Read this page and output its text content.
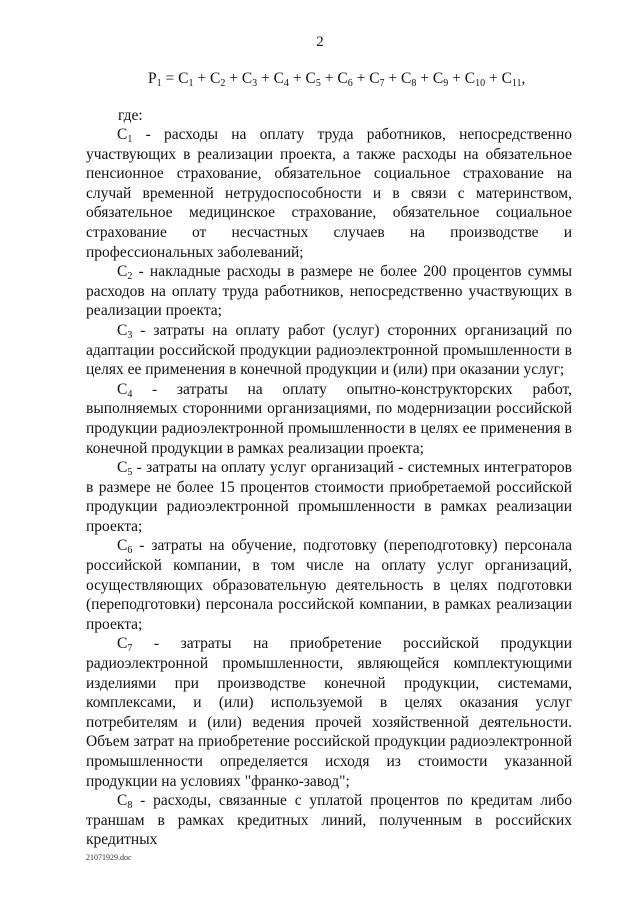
2
$P_1 = C_1 + C_2 + C_3 + C_4 + C_5 + C_6 + C_7 + C_8 + C_9 + C_{10} + C_{11}$,
где:

$C_1$ - расходы на оплату труда работников, непосредственно участвующих в реализации проекта, а также расходы на обязательное пенсионное страхование, обязательное социальное страхование на случай временной нетрудоспособности и в связи с материнством, обязательное медицинское страхование, обязательное социальное страхование от несчастных случаев на производстве и профессиональных заболеваний;

$C_2$ - накладные расходы в размере не более 200 процентов суммы расходов на оплату труда работников, непосредственно участвующих в реализации проекта;

$C_3$ - затраты на оплату работ (услуг) сторонних организаций по адаптации российской продукции радиоэлектронной промышленности в целях ее применения в конечной продукции и (или) при оказании услуг;

$C_4$ - затраты на оплату опытно-конструкторских работ, выполняемых сторонними организациями, по модернизации российской продукции радиоэлектронной промышленности в целях ее применения в конечной продукции в рамках реализации проекта;

$C_5$ - затраты на оплату услуг организаций - системных интеграторов в размере не более 15 процентов стоимости приобретаемой российской продукции радиоэлектронной промышленности в рамках реализации проекта;

$C_6$ - затраты на обучение, подготовку (переподготовку) персонала российской компании, в том числе на оплату услуг организаций, осуществляющих образовательную деятельность в целях подготовки (переподготовки) персонала российской компании, в рамках реализации проекта;

$C_7$ - затраты на приобретение российской продукции радиоэлектронной промышленности, являющейся комплектующими изделиями при производстве конечной продукции, системами, комплексами, и (или) используемой в целях оказания услуг потребителям и (или) ведения прочей хозяйственной деятельности. Объем затрат на приобретение российской продукции радиоэлектронной промышленности определяется исходя из стоимости указанной продукции на условиях "франко-завод";

$C_8$ - расходы, связанные с уплатой процентов по кредитам либо траншам в рамках кредитных линий, полученным в российских кредитных

21071929.doc
